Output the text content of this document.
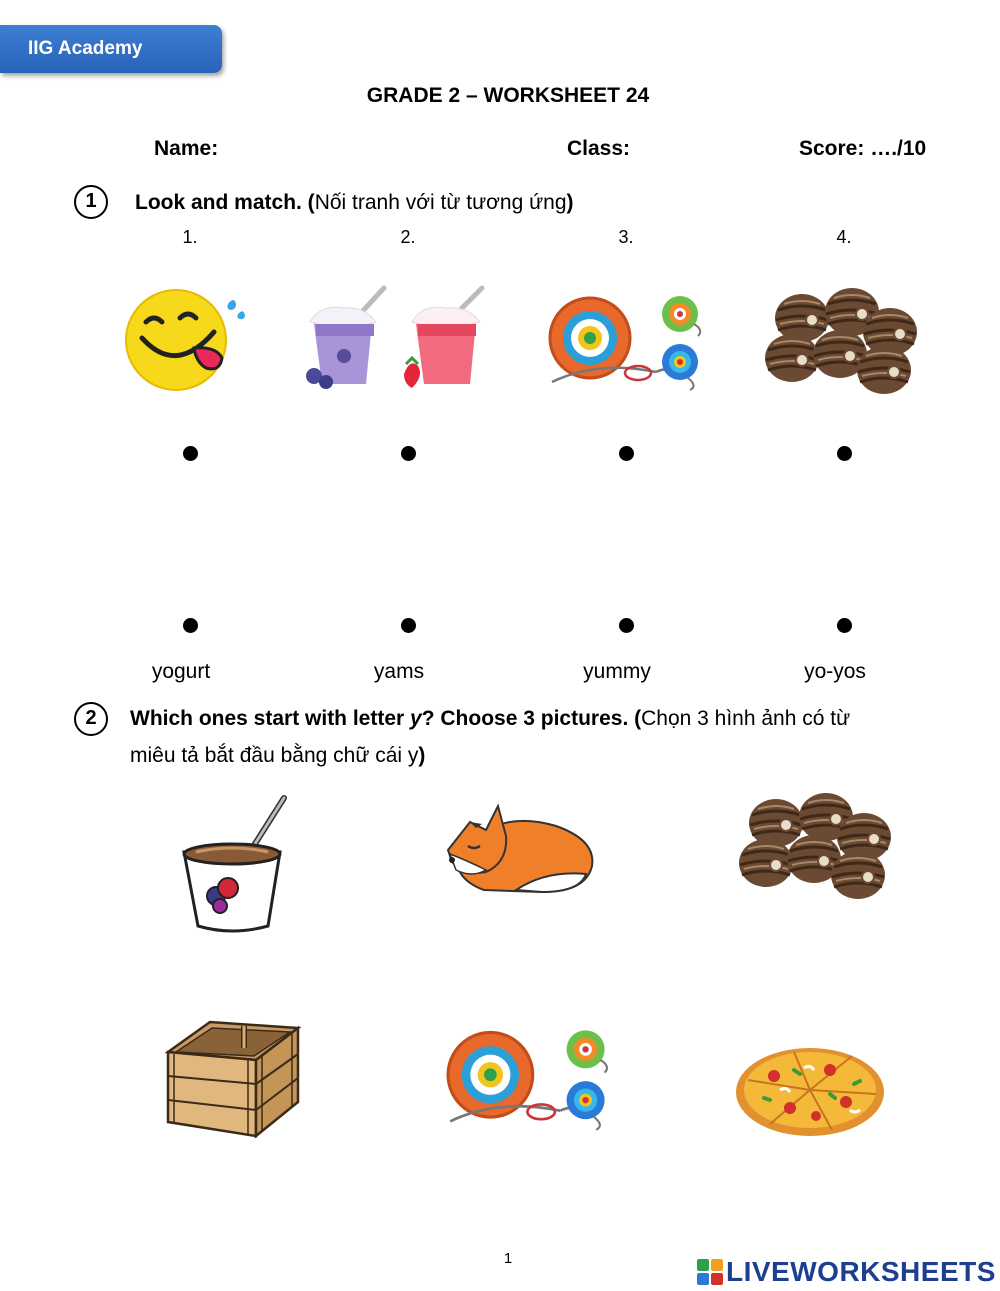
IIG Academy
GRADE 2 – WORKSHEET 24
Name:	Class:	Score: …./10
1	Look and match. (Nối tranh với từ tương ứng)
1.	2.	3.	4.
yogurt	yams	yummy	yo-yos
2	Which ones start with letter y? Choose 3 pictures. (Chọn 3 hình ảnh có từ
miêu tả bắt đầu bằng chữ cái y)
1	LIVEWORKSHEETS
